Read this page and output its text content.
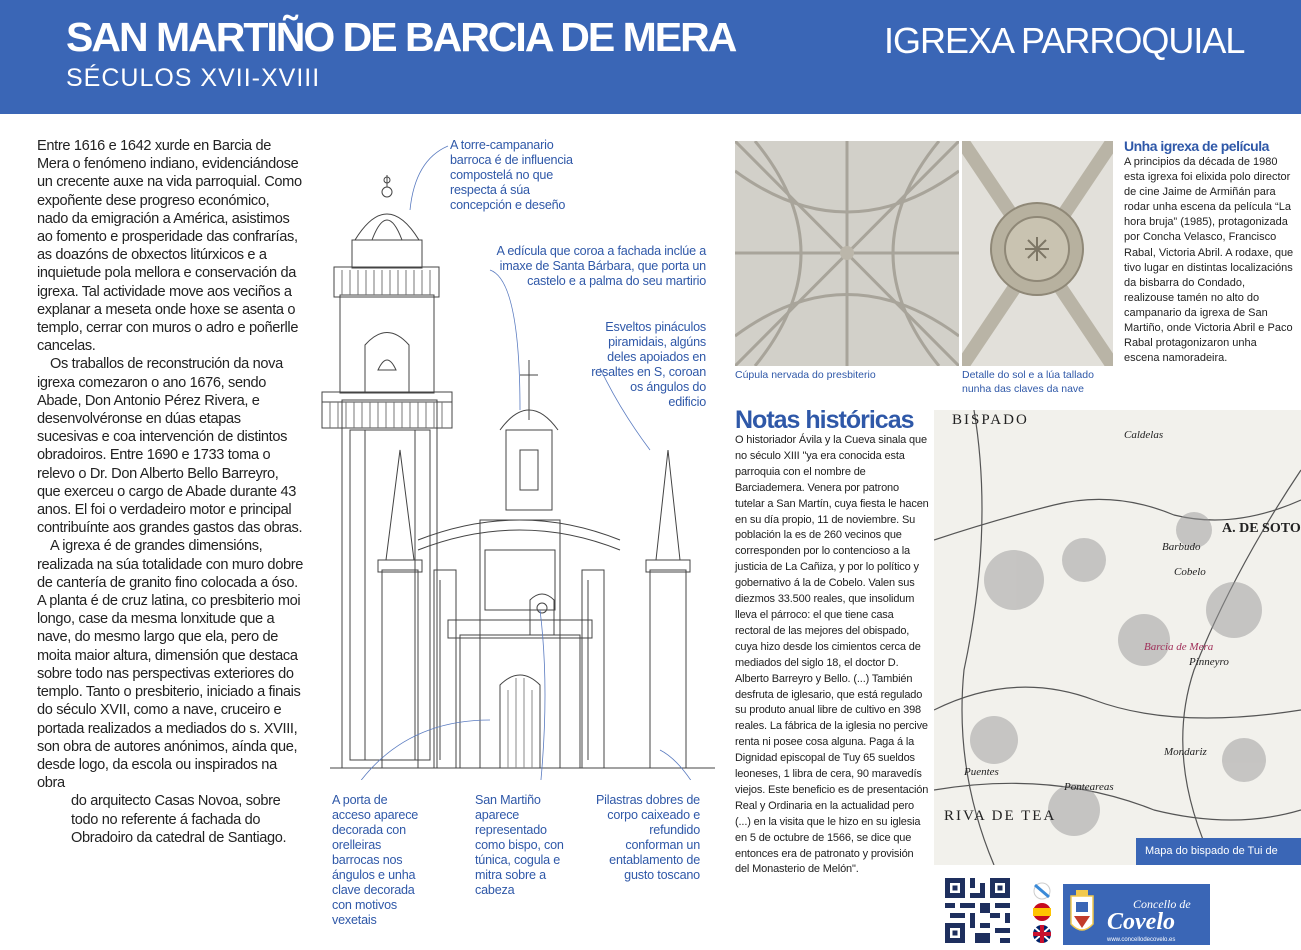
SAN MARTIÑO DE BARCIA DE MERA
SÉCULOS XVII-XVIII
IGREXA PARROQUIAL

Entre 1616 e 1642 xurde en Barcia de Mera o fenómeno indiano, evidenciándose un crecente auxe na vida parroquial. Como expoñente dese progreso económico, nado da emigración a América, asistimos ao fomento e prosperidade das confrarías, as doazóns de obxectos litúrxicos e a inquietude pola mellora e conservación da igrexa. Tal actividade move aos veciños a explanar a meseta onde hoxe se asenta o templo, cerrar con muros o adro e poñerlle cancelas.

Os traballos de reconstrución da nova igrexa comezaron o ano 1676, sendo Abade, Don Antonio Pérez Rivera, e desenvolvéronse en dúas etapas sucesivas e coa intervención de distintos obradoiros. Entre 1690 e 1733 toma o relevo o Dr. Don Alberto Bello Barreyro, que exerceu o cargo de Abade durante 43 anos. El foi o verdadeiro motor e principal contribuínte aos grandes gastos das obras.

A igrexa é de grandes dimensións, realizada na súa totalidade con muro dobre de cantería de granito fino colocada a óso. A planta é de cruz latina, co presbiterio moi longo, case da mesma lonxitude que a nave, do mesmo largo que ela, pero de moita maior altura, dimensión que destaca sobre todo nas perspectivas exteriores do templo. Tanto o presbiterio, iniciado a finais do século XVII, como a nave, cruceiro e portada realizados a mediados do s. XVIII, son obra de autores anónimos, aínda que, desde logo, da escola ou inspirados na obra

do arquitecto Casas Novoa, sobre todo no referente á fachada do Obradoiro da catedral de Santiago.

A torre-campanario barroca é de influencia compostelá no que respecta á súa concepción e deseño
A edícula que coroa a fachada inclúe a imaxe de Santa Bárbara, que porta un castelo e a palma do seu martirio
Esveltos pináculos piramidais, algúns deles apoiados en resaltes en S, coroan os ángulos do edificio
A porta de acceso aparece decorada con orelleiras barrocas nos ángulos e unha clave decorada con motivos vexetais
San Martiño aparece representado como bispo, con túnica, cogula e mitra sobre a cabeza
Pilastras dobres de corpo caixeado e refundido conforman un entablamento de gusto toscano
Cúpula nervada do presbiterio	Detalle do sol e a lúa tallado nunha das claves da nave
Unha igrexa de película
A principios da década de 1980 esta igrexa foi elixida polo director de cine Jaime de Armiñán para rodar unha escena da película “La hora bruja” (1985), protagonizada por Concha Velasco, Francisco Rabal, Victoria Abril. A rodaxe, que tivo lugar en distintas localizacións da bisbarra do Condado, realizouse tamén no alto do campanario da igrexa de San Martiño, onde Victoria Abril e Paco Rabal protagonizaron unha escena namoradeira.
Notas históricas
O historiador Ávila y la Cueva sinala que no século XIII "ya era conocida esta parroquia con el nombre de Barciademera. Venera por patrono tutelar a San Martín, cuya fiesta le hacen en su día propio, 11 de noviembre. Su población la es de 260 vecinos que corresponden por lo contencioso a la justicia de La Cañiza, y por lo político y gobernativo á la de Cobelo. Valen sus diezmos 33.500 reales, que insolidum lleva el párroco: el que tiene casa rectoral de las mejores del obispado, cuya hizo desde los cimientos cerca de mediados del siglo 18, el doctor D. Alberto Barreyro y Bello. (...) También desfruta de iglesario, que está regulado su produto anual libre de cultivo en 398 reales. La fábrica de la iglesia no percive renta ni posee cosa alguna. Paga á la Dignidad episcopal de Tuy 65 sueldos leoneses, 1 libra de cera, 90 maravedís viejos. Este beneficio es de presentación Real y Ordinaria en la actualidad pero (...) en la visita que le hizo en su iglesia en 5 de octubre de 1566, se dice que entonces era de patronato y provisión del Monasterio de Melón".
BISPADO
Caldelas
A. DE SOTO
Barbudo
Cobelo
Barcia de Mera
Pinneyro
Mondariz
RIVA DE TEA
Puentes
Ponteareas
Mapa do bispado de Tui de 1766
Concello de
Covelo
www.concellodecovelo.es
